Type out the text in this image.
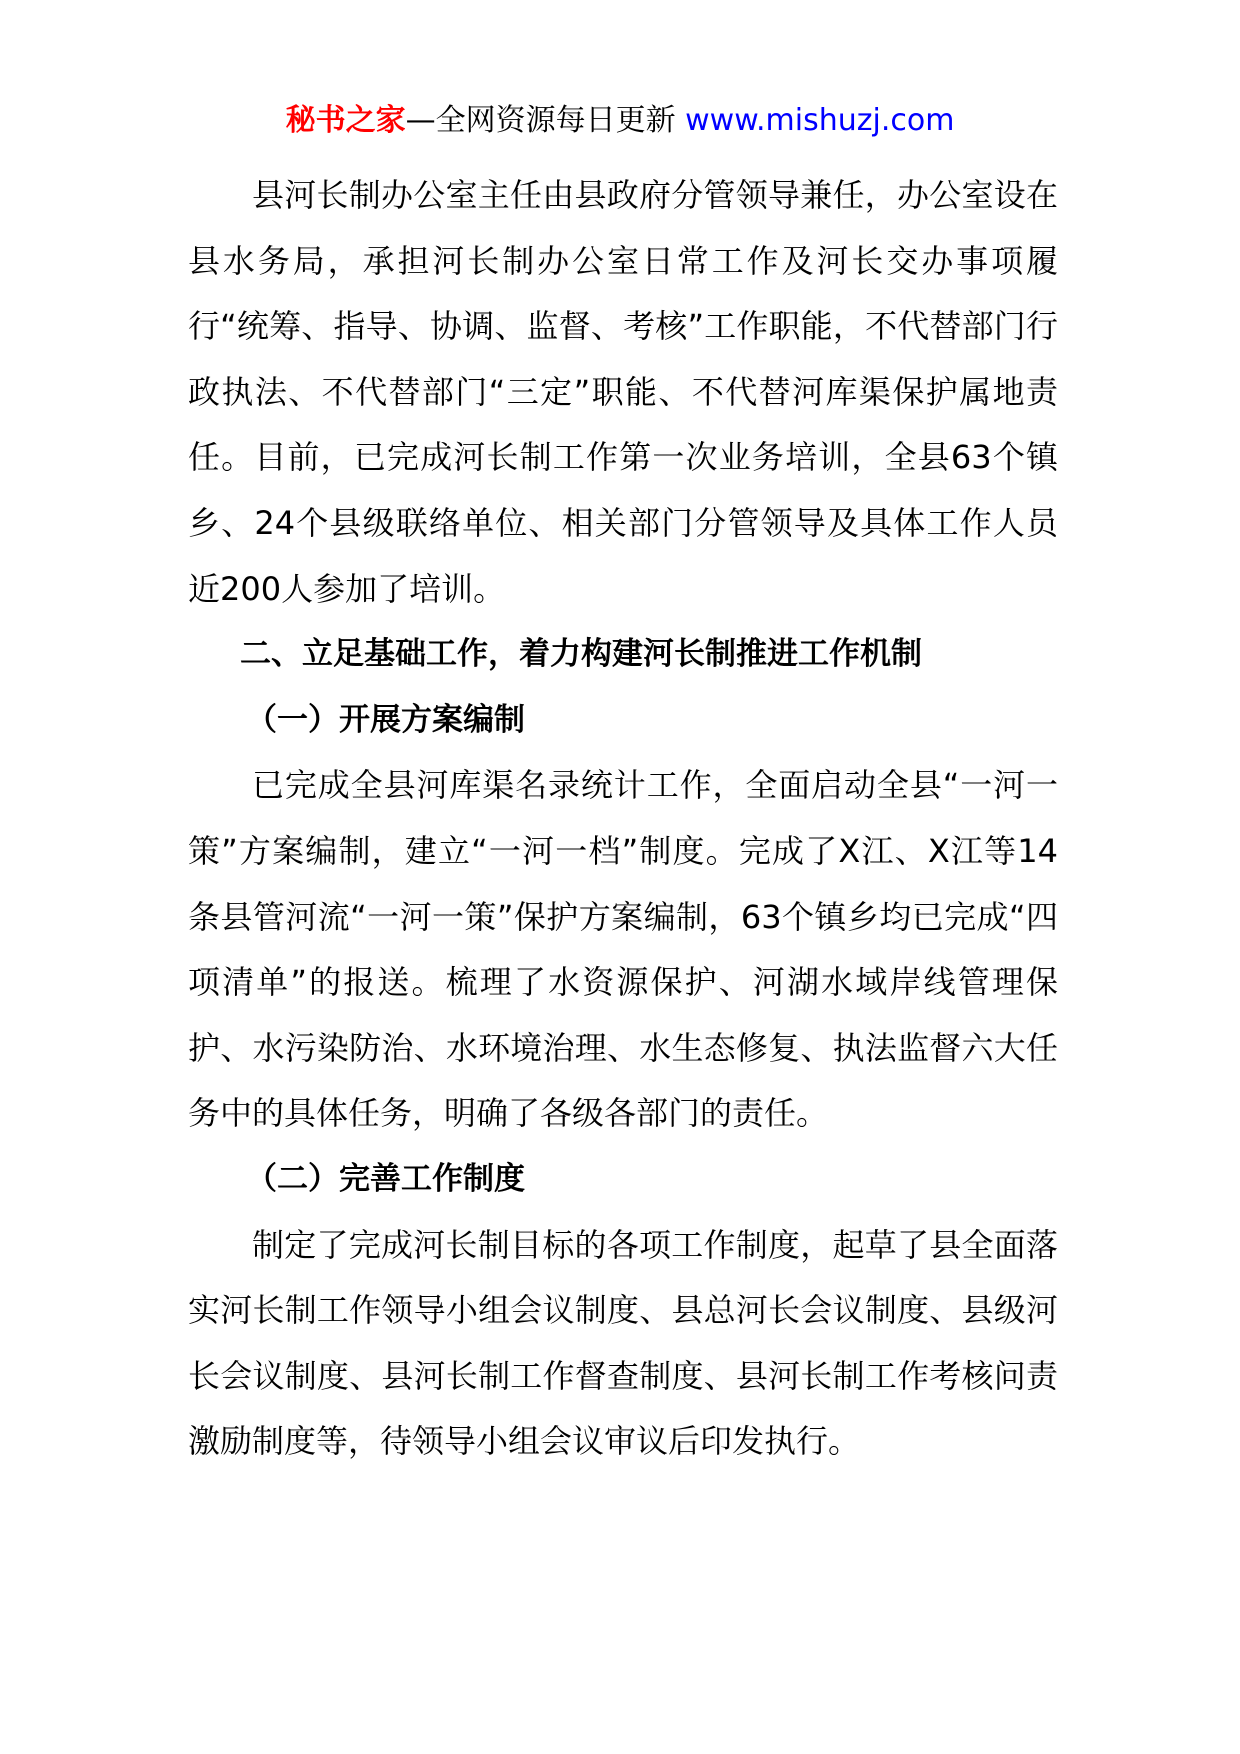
秘书之家—全网资源每日更新 www.mishuzj.com

县河长制办公室主任由县政府分管领导兼任，办公室设在县水务局，承担河长制办公室日常工作及河长交办事项履行“统筹、指导、协调、监督、考核”工作职能，不代替部门行政执法、不代替部门“三定”职能、不代替河库渠保护属地责任。目前，已完成河长制工作第一次业务培训，全县63个镇乡、24个县级联络单位、相关部门分管领导及具体工作人员近200人参加了培训。

二、立足基础工作，着力构建河长制推进工作机制

（一）开展方案编制

已完成全县河库渠名录统计工作，全面启动全县“一河一策”方案编制，建立“一河一档”制度。完成了X江、X江等14条县管河流“一河一策”保护方案编制，63个镇乡均已完成“四项清单”的报送。梳理了水资源保护、河湖水域岸线管理保护、水污染防治、水环境治理、水生态修复、执法监督六大任务中的具体任务，明确了各级各部门的责任。

（二）完善工作制度

制定了完成河长制目标的各项工作制度，起草了县全面落实河长制工作领导小组会议制度、县总河长会议制度、县级河长会议制度、县河长制工作督查制度、县河长制工作考核问责激励制度等，待领导小组会议审议后印发执行。
